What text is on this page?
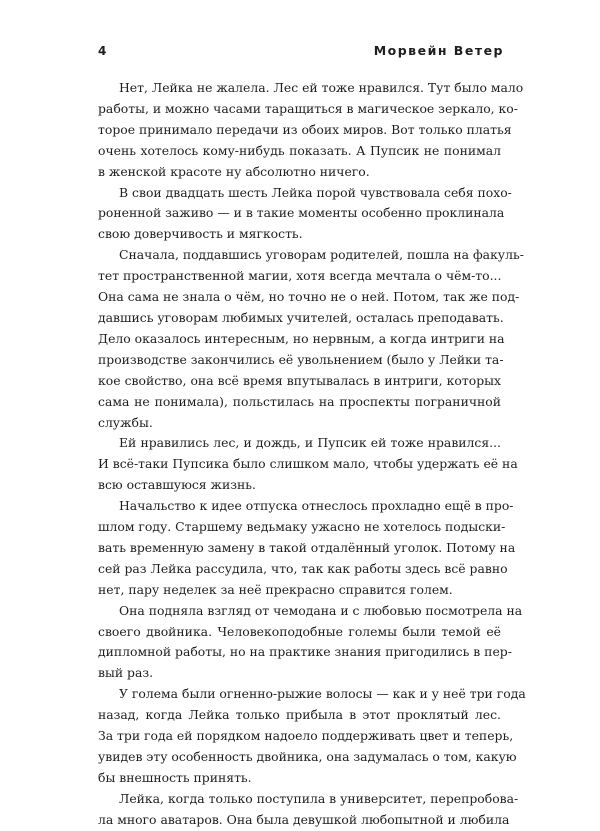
4	Морвейн Ветер
Нет, Лейка не жалела. Лес ей тоже нравился. Тут было мало
работы, и можно часами таращиться в магическое зеркало, ко-
торое принимало передачи из обоих миров. Вот только платья
очень хотелось кому-нибудь показать. А Пупсик не понимал
в женской красоте ну абсолютно ничего.
В свои двадцать шесть Лейка порой чувствовала себя похо-
роненной заживо — и в такие моменты особенно проклинала
свою доверчивость и мягкость.
Сначала, поддавшись уговорам родителей, пошла на факуль-
тет пространственной магии, хотя всегда мечтала о чём-то...
Она сама не знала о чём, но точно не о ней. Потом, так же под-
давшись уговорам любимых учителей, осталась преподавать.
Дело оказалось интересным, но нервным, а когда интриги на
производстве закончились её увольнением (было у Лейки та-
кое свойство, она всё время впутывалась в интриги, которых
сама не понимала), польстилась на проспекты пограничной
службы.
Ей нравились лес, и дождь, и Пупсик ей тоже нравился...
И всё-таки Пупсика было слишком мало, чтобы удержать её на
всю оставшуюся жизнь.
Начальство к идее отпуска отнеслось прохладно ещё в про-
шлом году. Старшему ведьмаку ужасно не хотелось подыски-
вать временную замену в такой отдалённый уголок. Потому на
сей раз Лейка рассудила, что, так как работы здесь всё равно
нет, пару неделек за неё прекрасно справится голем.
Она подняла взгляд от чемодана и с любовью посмотрела на
своего двойника. Человекоподобные големы были темой её
дипломной работы, но на практике знания пригодились в пер-
вый раз.
У голема были огненно-рыжие волосы — как и у неё три года
назад, когда Лейка только прибыла в этот проклятый лес.
За три года ей порядком надоело поддерживать цвет и теперь,
увидев эту особенность двойника, она задумалась о том, какую
бы внешность принять.
Лейка, когда только поступила в университет, перепробова-
ла много аватаров. Она была девушкой любопытной и любила
